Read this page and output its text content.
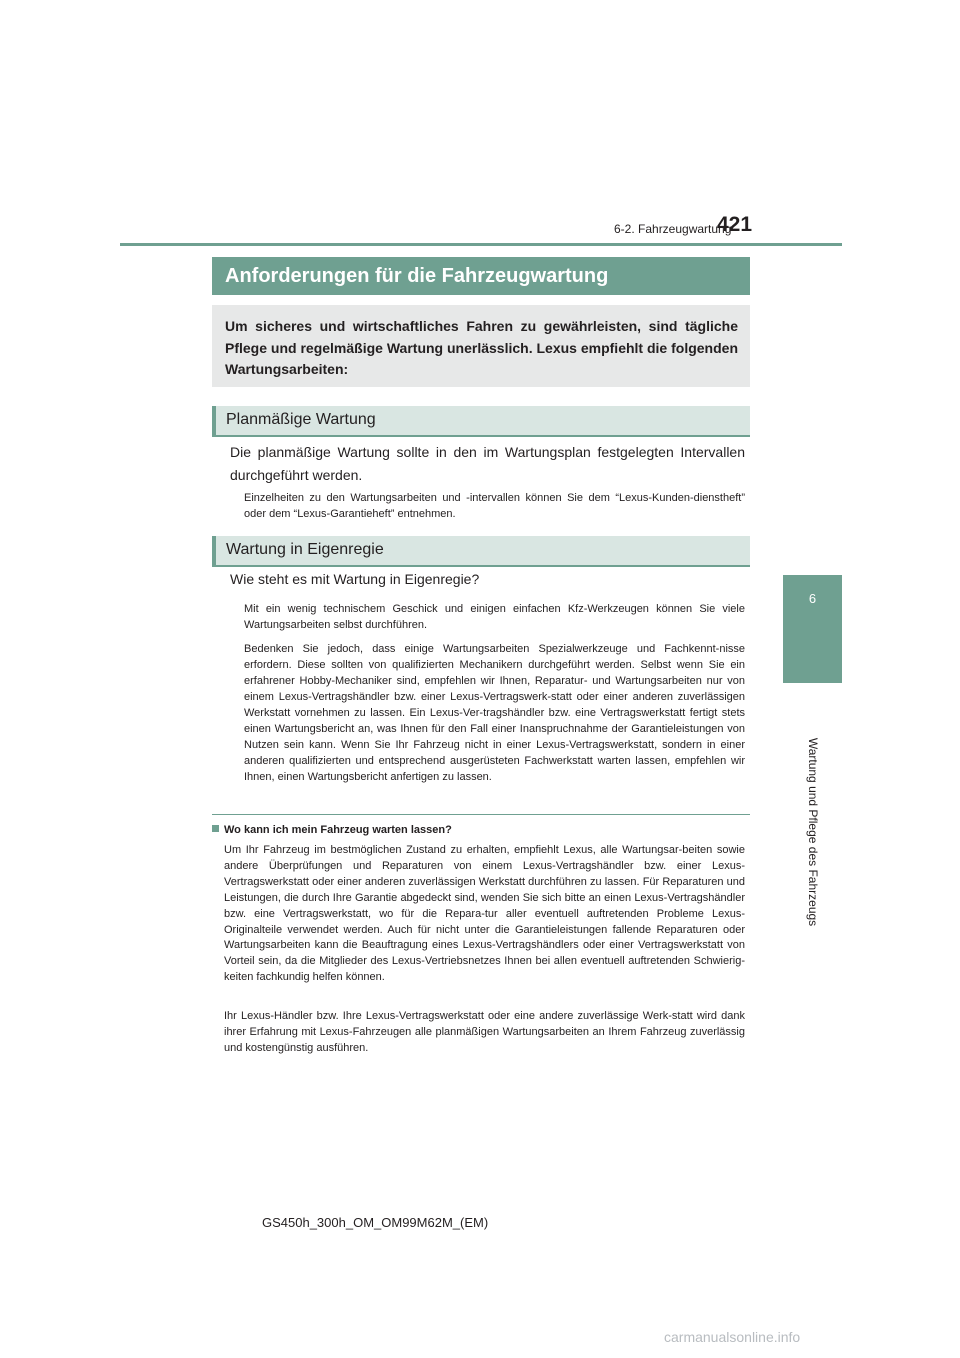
6-2. Fahrzeugwartung
421
6
Wartung und Pflege des Fahrzeugs
Anforderungen für die Fahrzeugwartung
Um sicheres und wirtschaftliches Fahren zu gewährleisten, sind tägliche Pflege und regelmäßige Wartung unerlässlich. Lexus empfiehlt die folgenden Wartungsarbeiten:
Planmäßige Wartung
Die planmäßige Wartung sollte in den im Wartungsplan festgelegten Intervallen durchgeführt werden.
Einzelheiten zu den Wartungsarbeiten und -intervallen können Sie dem “Lexus-Kunden-dienstheft” oder dem “Lexus-Garantieheft” entnehmen.
Wartung in Eigenregie
Wie steht es mit Wartung in Eigenregie?
Mit ein wenig technischem Geschick und einigen einfachen Kfz-Werkzeugen können Sie viele Wartungsarbeiten selbst durchführen.
Bedenken Sie jedoch, dass einige Wartungsarbeiten Spezialwerkzeuge und Fachkennt-nisse erfordern. Diese sollten von qualifizierten Mechanikern durchgeführt werden. Selbst wenn Sie ein erfahrener Hobby-Mechaniker sind, empfehlen wir Ihnen, Reparatur- und Wartungsarbeiten nur von einem Lexus-Vertragshändler bzw. einer Lexus-Vertragswerk-statt oder einer anderen zuverlässigen Werkstatt vornehmen zu lassen. Ein Lexus-Ver-tragshändler bzw. eine Vertragswerkstatt fertigt stets einen Wartungsbericht an, was Ihnen für den Fall einer Inanspruchnahme der Garantieleistungen von Nutzen sein kann. Wenn Sie Ihr Fahrzeug nicht in einer Lexus-Vertragswerkstatt, sondern in einer anderen qualifizierten und entsprechend ausgerüsteten Fachwerkstatt warten lassen, empfehlen wir Ihnen, einen Wartungsbericht anfertigen zu lassen.
Wo kann ich mein Fahrzeug warten lassen?
Um Ihr Fahrzeug im bestmöglichen Zustand zu erhalten, empfiehlt Lexus, alle Wartungsar-beiten sowie andere Überprüfungen und Reparaturen von einem Lexus-Vertragshändler bzw. einer Lexus-Vertragswerkstatt oder einer anderen zuverlässigen Werkstatt durchführen zu lassen. Für Reparaturen und Leistungen, die durch Ihre Garantie abgedeckt sind, wenden Sie sich bitte an einen Lexus-Vertragshändler bzw. eine Vertragswerkstatt, wo für die Repara-tur aller eventuell auftretenden Probleme Lexus-Originalteile verwendet werden. Auch für nicht unter die Garantieleistungen fallende Reparaturen oder Wartungsarbeiten kann die Beauftragung eines Lexus-Vertragshändlers oder einer Vertragswerkstatt von Vorteil sein, da die Mitglieder des Lexus-Vertriebsnetzes Ihnen bei allen eventuell auftretenden Schwierig-keiten fachkundig helfen können.
Ihr Lexus-Händler bzw. Ihre Lexus-Vertragswerkstatt oder eine andere zuverlässige Werk-statt wird dank ihrer Erfahrung mit Lexus-Fahrzeugen alle planmäßigen Wartungsarbeiten an Ihrem Fahrzeug zuverlässig und kostengünstig ausführen.
GS450h_300h_OM_OM99M62M_(EM)
carmanualsonline.info
